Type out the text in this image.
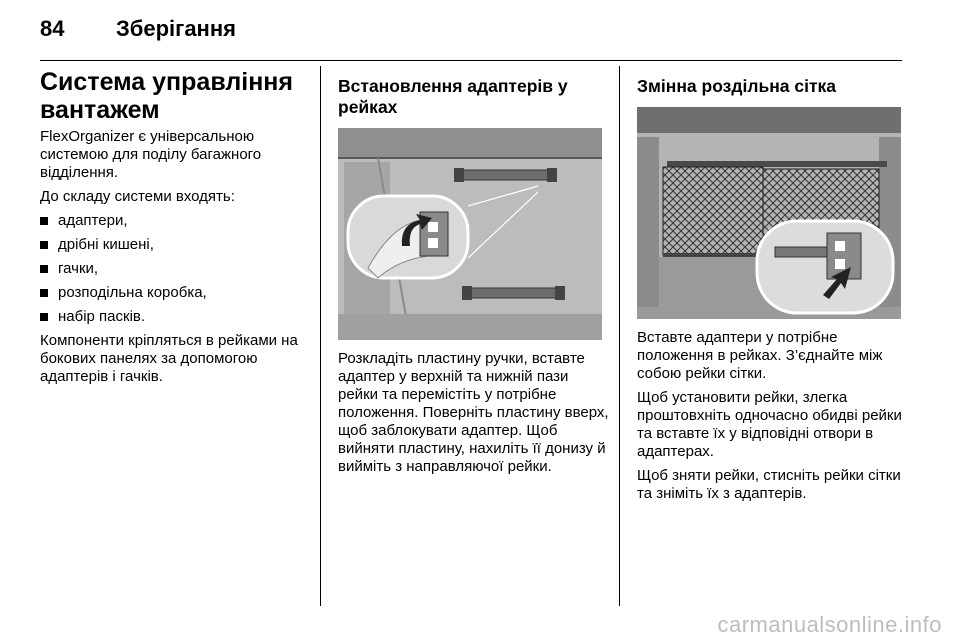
84 Зберігання
Система управління вантажем

FlexOrganizer є універсальною системою для поділу багажного відділення.

До складу системи входять:

адаптери,
дрібні кишені,
гачки,
розподільна коробка,
набір пасків.

Компоненти кріпляться в рейками на бокових панелях за допомогою адаптерів і гачків.

Встановлення адаптерів у рейках

Розкладіть пластину ручки, вставте адаптер у верхній та нижній пази рейки та перемістіть у потрібне положення. Поверніть пластину вверх, щоб заблокувати адаптер. Щоб вийняти пластину, нахиліть її донизу й вийміть з направляючої рейки.

Змінна роздільна сітка

Вставте адаптери у потрібне положення в рейках. З’єднайте між собою рейки сітки.

Щоб установити рейки, злегка проштовхніть одночасно обидві рейки та вставте їх у відповідні отвори в адаптерах.

Щоб зняти рейки, стисніть рейки сітки та зніміть їх з адаптерів.

carmanualsonline.info
